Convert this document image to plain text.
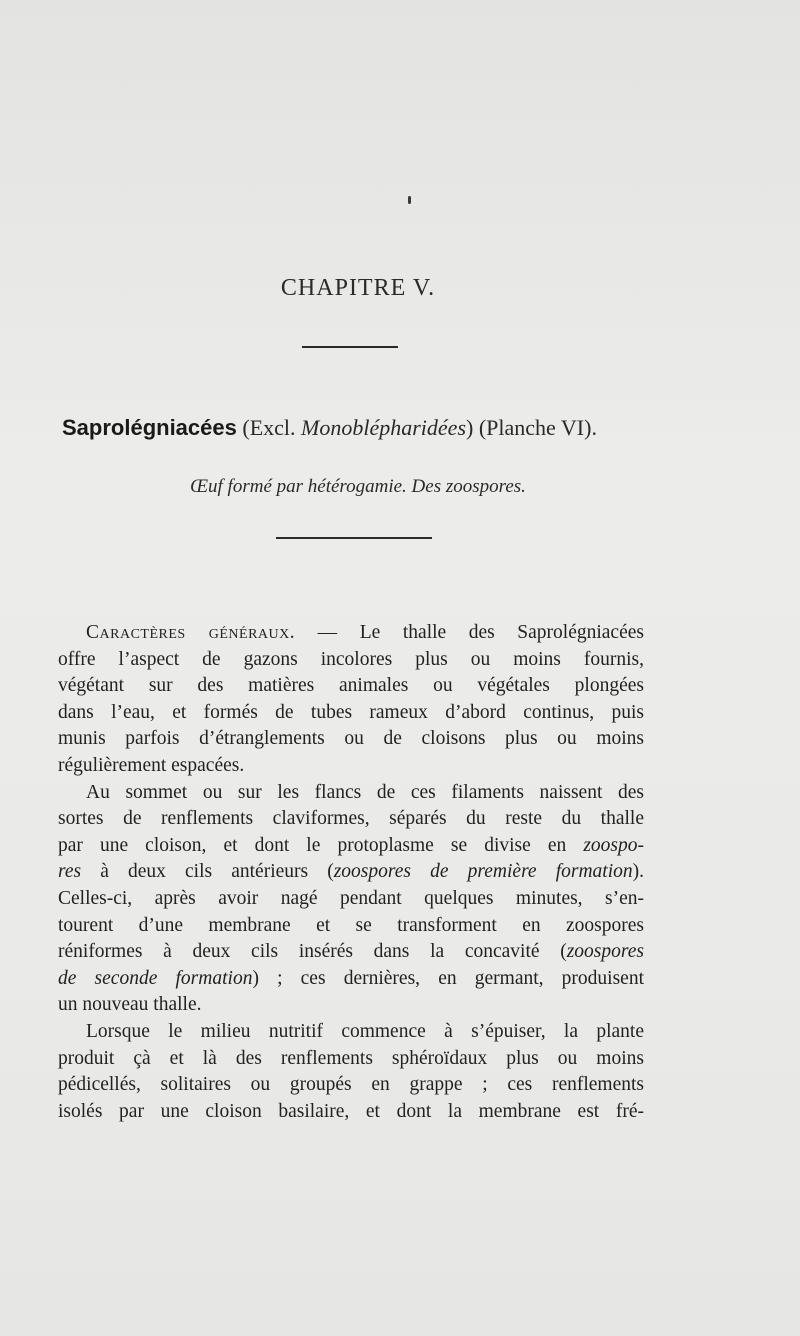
CHAPITRE V.
Saprolégniacées (Excl. Monoblépharidées) (Planche VI).
Œuf formé par hétérogamie. Des zoospores.
Caractères généraux. — Le thalle des Saprolégniacées
offre l’aspect de gazons incolores plus ou moins fournis,
végétant sur des matières animales ou végétales plongées
dans l’eau, et formés de tubes rameux d’abord continus, puis
munis parfois d’étranglements ou de cloisons plus ou moins
régulièrement espacées.
Au sommet ou sur les flancs de ces filaments naissent des
sortes de renflements claviformes, séparés du reste du thalle
par une cloison, et dont le protoplasme se divise en zoospo-
res à deux cils antérieurs (zoospores de première formation).
Celles-ci, après avoir nagé pendant quelques minutes, s’en-
tourent d’une membrane et se transforment en zoospores
réniformes à deux cils insérés dans la concavité (zoospores
de seconde formation) ; ces dernières, en germant, produisent
un nouveau thalle.
Lorsque le milieu nutritif commence à s’épuiser, la plante
produit çà et là des renflements sphéroïdaux plus ou moins
pédicellés, solitaires ou groupés en grappe ; ces renflements
isolés par une cloison basilaire, et dont la membrane est fré-
